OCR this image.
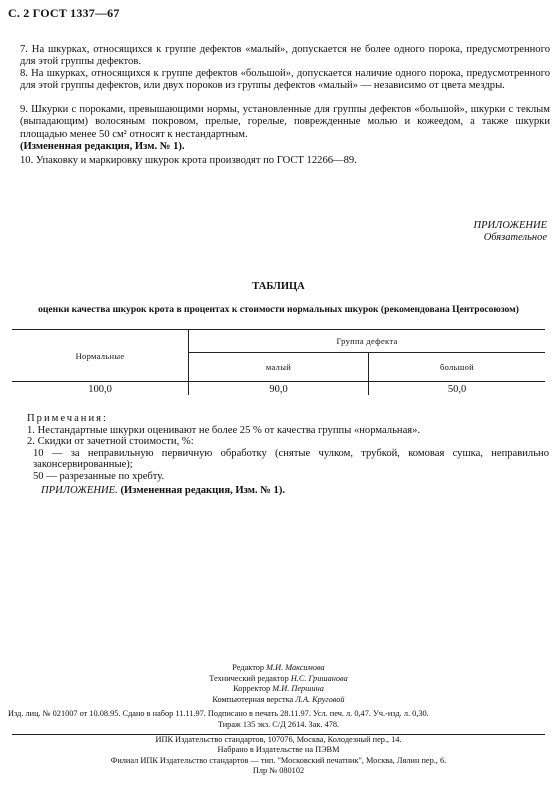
С. 2 ГОСТ 1337—67
7. На шкурках, относящихся к группе дефектов «малый», допускается не более одного порока, предусмотренного для этой группы дефектов.
8. На шкурках, относящихся к группе дефектов «большой», допускается наличие одного порока, предусмотренного для этой группы дефектов, или двух пороков из группы дефектов «малый» — независимо от цвета мездры.
9. Шкурки с пороками, превышающими нормы, установленные для группы дефектов «большой», шкурки с теклым (выпадающим) волосяным покровом, прелые, горелые, поврежденные молью и кожеедом, а также шкурки площадью менее 50 см² относят к нестандартным.
(Измененная редакция, Изм. № 1).
10. Упаковку и маркировку шкурок крота производят по ГОСТ 12266—89.
ПРИЛОЖЕНИЕ
Обязательное
ТАБЛИЦА
оценки качества шкурок крота в процентах к стоимости нормальных шкурок (рекомендована Центросоюзом)
Нормальные	Группа дефекта	
	малый	большой
100,0	90,0	50,0
Примечания:
1. Нестандартные шкурки оценивают не более 25 % от качества группы «нормальная».
2. Скидки от зачетной стоимости, %:
10 — за неправильную первичную обработку (снятые чулком, трубкой, комовая сушка, неправильно законсервированные);
50 — разрезанные по хребту.
ПРИЛОЖЕНИЕ. (Измененная редакция, Изм. № 1).
Редактор М.И. Максимова
Технический редактор Н.С. Гришанова
Корректор М.И. Першина
Компьютерная верстка Л.А. Круговой
Изд. лиц. № 021007 от 10.08.95. Сдано в набор 11.11.97. Подписано в печать 28.11.97. Усл. печ. л. 0,47. Уч.-изд. л. 0,30.
Тираж 135 экз. С/Д 2614. Зак. 478.
ИПК Издательство стандартов, 107076, Москва, Колодезный пер., 14.
Набрано в Издательстве на ПЭВМ
Филиал ИПК Издательство стандартов — тип. "Московский печатник", Москва, Лялин пер., 6.
Плр № 080102
